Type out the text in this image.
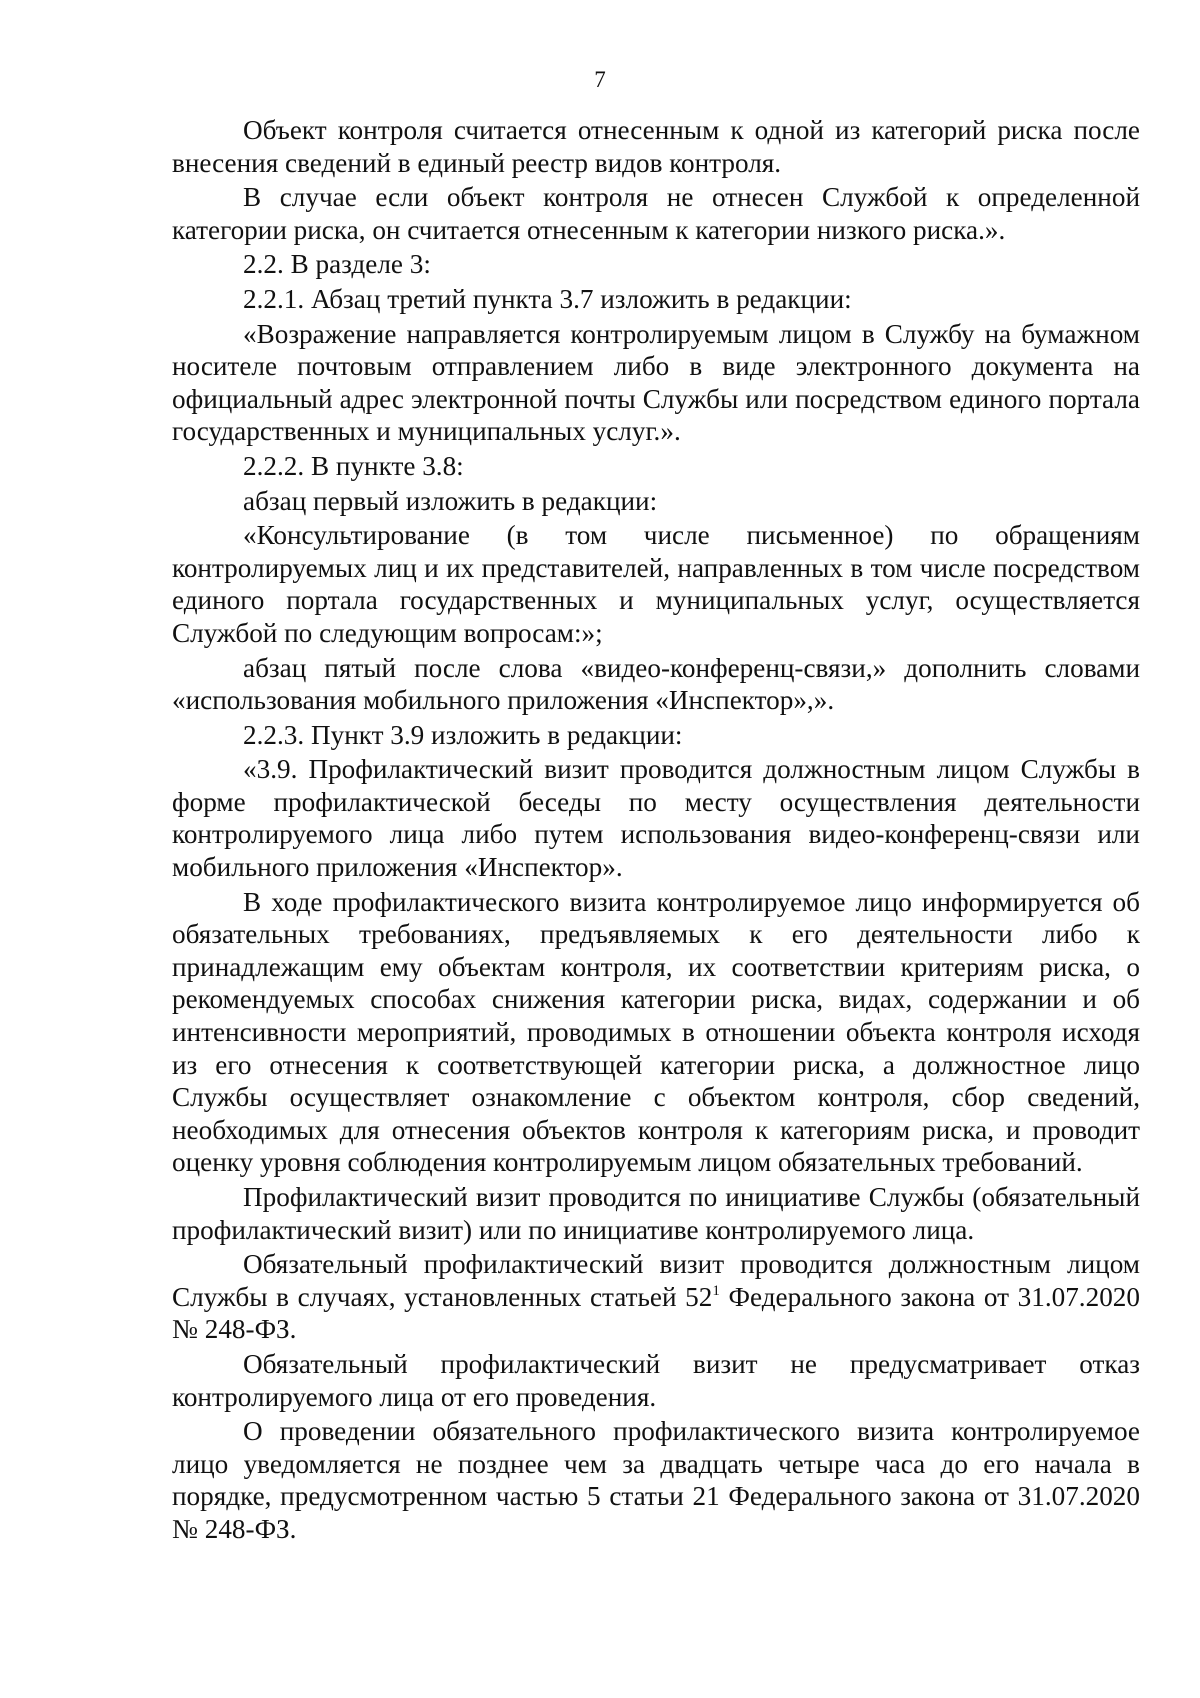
7

Объект контроля считается отнесенным к одной из категорий риска после внесения сведений в единый реестр видов контроля.

В случае если объект контроля не отнесен Службой к определенной категории риска, он считается отнесенным к категории низкого риска.».

2.2. В разделе 3:

2.2.1. Абзац третий пункта 3.7 изложить в редакции:

«Возражение направляется контролируемым лицом в Службу на бумажном носителе почтовым отправлением либо в виде электронного документа на официальный адрес электронной почты Службы или посредством единого портала государственных и муниципальных услуг.».

2.2.2. В пункте 3.8:

абзац первый изложить в редакции:

«Консультирование (в том числе письменное) по обращениям контролируемых лиц и их представителей, направленных в том числе посредством единого портала государственных и муниципальных услуг, осуществляется Службой по следующим вопросам:»;

абзац пятый после слова «видео-конференц-связи,» дополнить словами «использования мобильного приложения «Инспектор»,».

2.2.3. Пункт 3.9 изложить в редакции:

«3.9. Профилактический визит проводится должностным лицом Службы в форме профилактической беседы по месту осуществления деятельности контролируемого лица либо путем использования видео-конференц-связи или мобильного приложения «Инспектор».

В ходе профилактического визита контролируемое лицо информируется об обязательных требованиях, предъявляемых к его деятельности либо к принадлежащим ему объектам контроля, их соответствии критериям риска, о рекомендуемых способах снижения категории риска, видах, содержании и об интенсивности мероприятий, проводимых в отношении объекта контроля исходя из его отнесения к соответствующей категории риска, а должностное лицо Службы осуществляет ознакомление с объектом контроля, сбор сведений, необходимых для отнесения объектов контроля к категориям риска, и проводит оценку уровня соблюдения контролируемым лицом обязательных требований.

Профилактический визит проводится по инициативе Службы (обязательный профилактический визит) или по инициативе контролируемого лица.

Обязательный профилактический визит проводится должностным лицом Службы в случаях, установленных статьей $52^1$ Федерального закона от 31.07.2020 № 248-ФЗ.

Обязательный профилактический визит не предусматривает отказ контролируемого лица от его проведения.

О проведении обязательного профилактического визита контролируемое лицо уведомляется не позднее чем за двадцать четыре часа до его начала в порядке, предусмотренном частью 5 статьи 21 Федерального закона от 31.07.2020 № 248-ФЗ.
